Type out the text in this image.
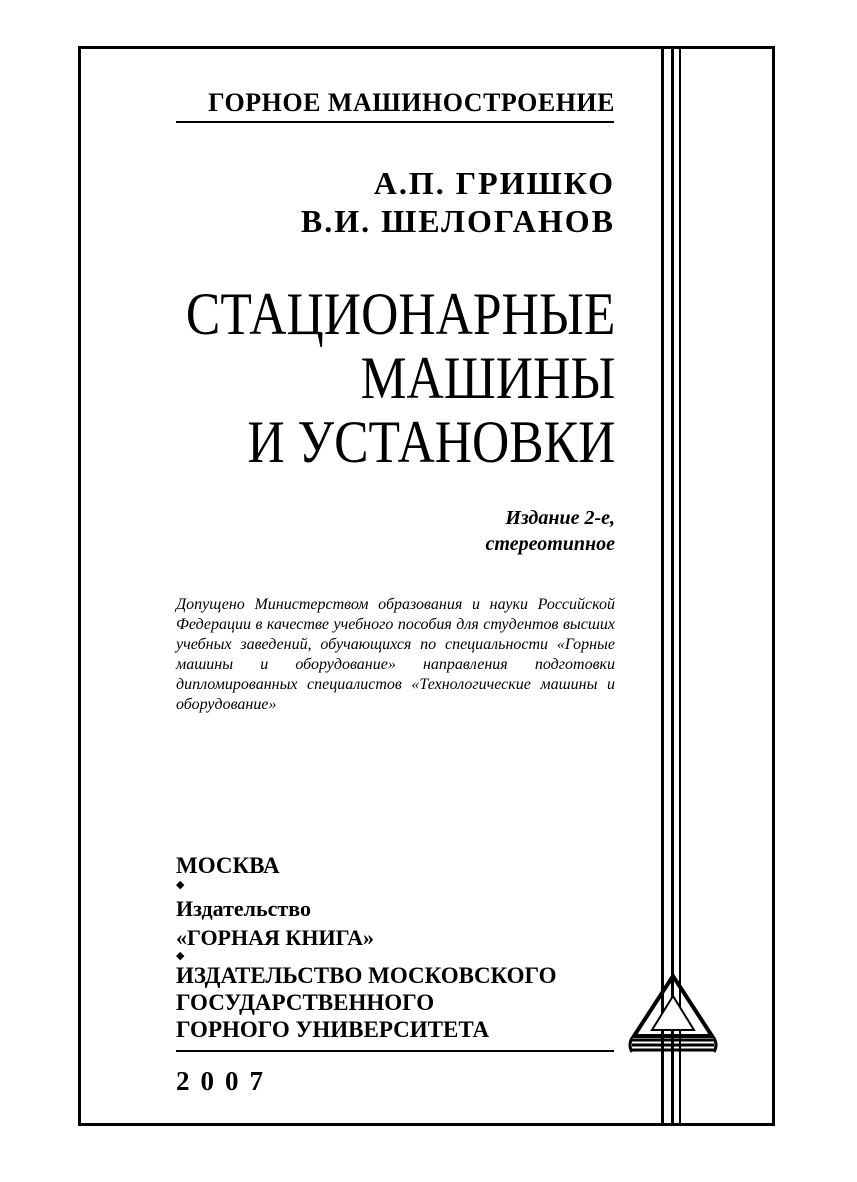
ГОРНОЕ МАШИНОСТРОЕНИЕ
А.П. ГРИШКО
В.И. ШЕЛОГАНОВ
СТАЦИОНАРНЫЕ
МАШИНЫ
И УСТАНОВКИ
Издание 2-е,
стереотипное
Допущено Министерством образования и науки Российской Федерации в качестве учебного пособия для студентов высших учебных заведений, обучающихся по специальности «Горные машины и оборудование» направления подготовки дипломированных специалистов «Технологические машины и оборудование»
МОСКВА
◆
Издательство
«ГОРНАЯ КНИГА»
◆
ИЗДАТЕЛЬСТВО МОСКОВСКОГО
ГОСУДАРСТВЕННОГО
ГОРНОГО УНИВЕРСИТЕТА
2007
